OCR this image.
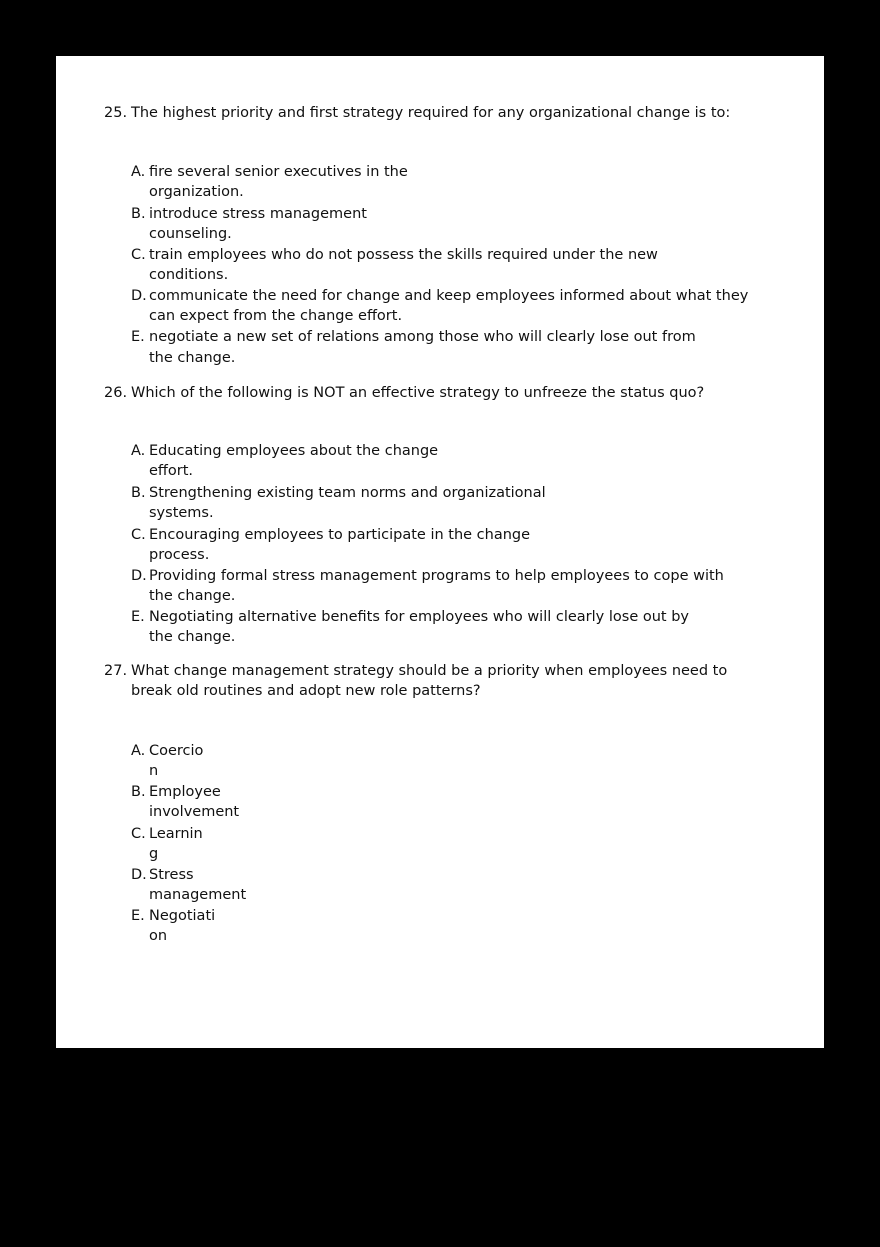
25. The highest priority and first strategy required for any organizational change is to:
A. fire several senior executives in the
organization.
B. introduce stress management
counseling.
C. train employees who do not possess the skills required under the new
conditions.
D. communicate the need for change and keep employees informed about what they
can expect from the change effort.
E. negotiate a new set of relations among those who will clearly lose out from
the change.
26. Which of the following is NOT an effective strategy to unfreeze the status quo?
A. Educating employees about the change
effort.
B. Strengthening existing team norms and organizational
systems.
C. Encouraging employees to participate in the change
process.
D. Providing formal stress management programs to help employees to cope with
the change.
E. Negotiating alternative benefits for employees who will clearly lose out by
the change.
27. What change management strategy should be a priority when employees need to
break old routines and adopt new role patterns?
A. Coercio
n
B. Employee
involvement
C. Learnin
g
D. Stress
management
E. Negotiati
on
